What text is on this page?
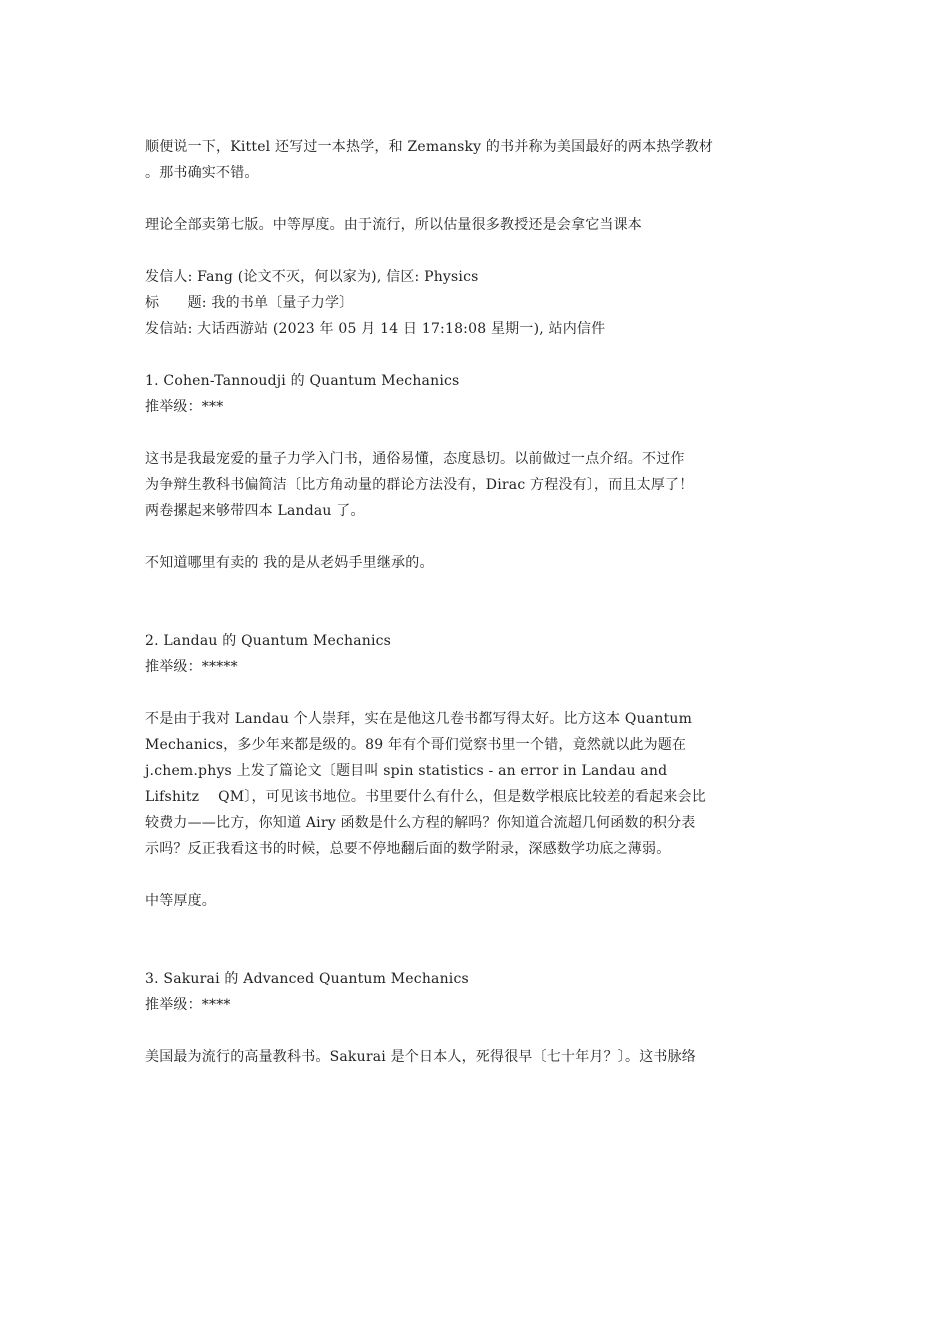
顺便说一下，Kittel 还写过一本热学，和 Zemansky 的书并称为美国最好的两本热学教材
。那书确实不错。

理论全部卖第七版。中等厚度。由于流行，所以估量很多教授还是会拿它当课本

发信人: Fang (论文不灭，何以家为), 信区: Physics
标　　题: 我的书单〔量子力学〕
发信站: 大话西游站 (2023 年 05 月 14 日 17:18:08 星期一), 站内信件
1. Cohen-Tannoudji 的 Quantum Mechanics
推举级：***

这书是我最宠爱的量子力学入门书，通俗易懂，态度恳切。以前做过一点介绍。不过作
为争辩生教科书偏简洁〔比方角动量的群论方法没有，Dirac 方程没有〕，而且太厚了！
两卷摞起来够带四本 Landau 了。

不知道哪里有卖的 我的是从老妈手里继承的。

2. Landau 的 Quantum Mechanics
推举级：*****

不是由于我对 Landau 个人崇拜，实在是他这几卷书都写得太好。比方这本 Quantum
Mechanics，多少年来都是级的。89 年有个哥们觉察书里一个错，竟然就以此为题在
j.chem.phys 上发了篇论文〔题目叫 spin statistics - an error in Landau and
Lifshitz　 QM〕，可见该书地位。书里要什么有什么，但是数学根底比较差的看起来会比
较费力——比方，你知道 Airy 函数是什么方程的解吗？你知道合流超几何函数的积分表
示吗？反正我看这书的时候，总要不停地翻后面的数学附录，深感数学功底之薄弱。

中等厚度。

3. Sakurai 的 Advanced Quantum Mechanics
推举级：****

美国最为流行的高量教科书。Sakurai 是个日本人，死得很早〔七十年月？〕。这书脉络
